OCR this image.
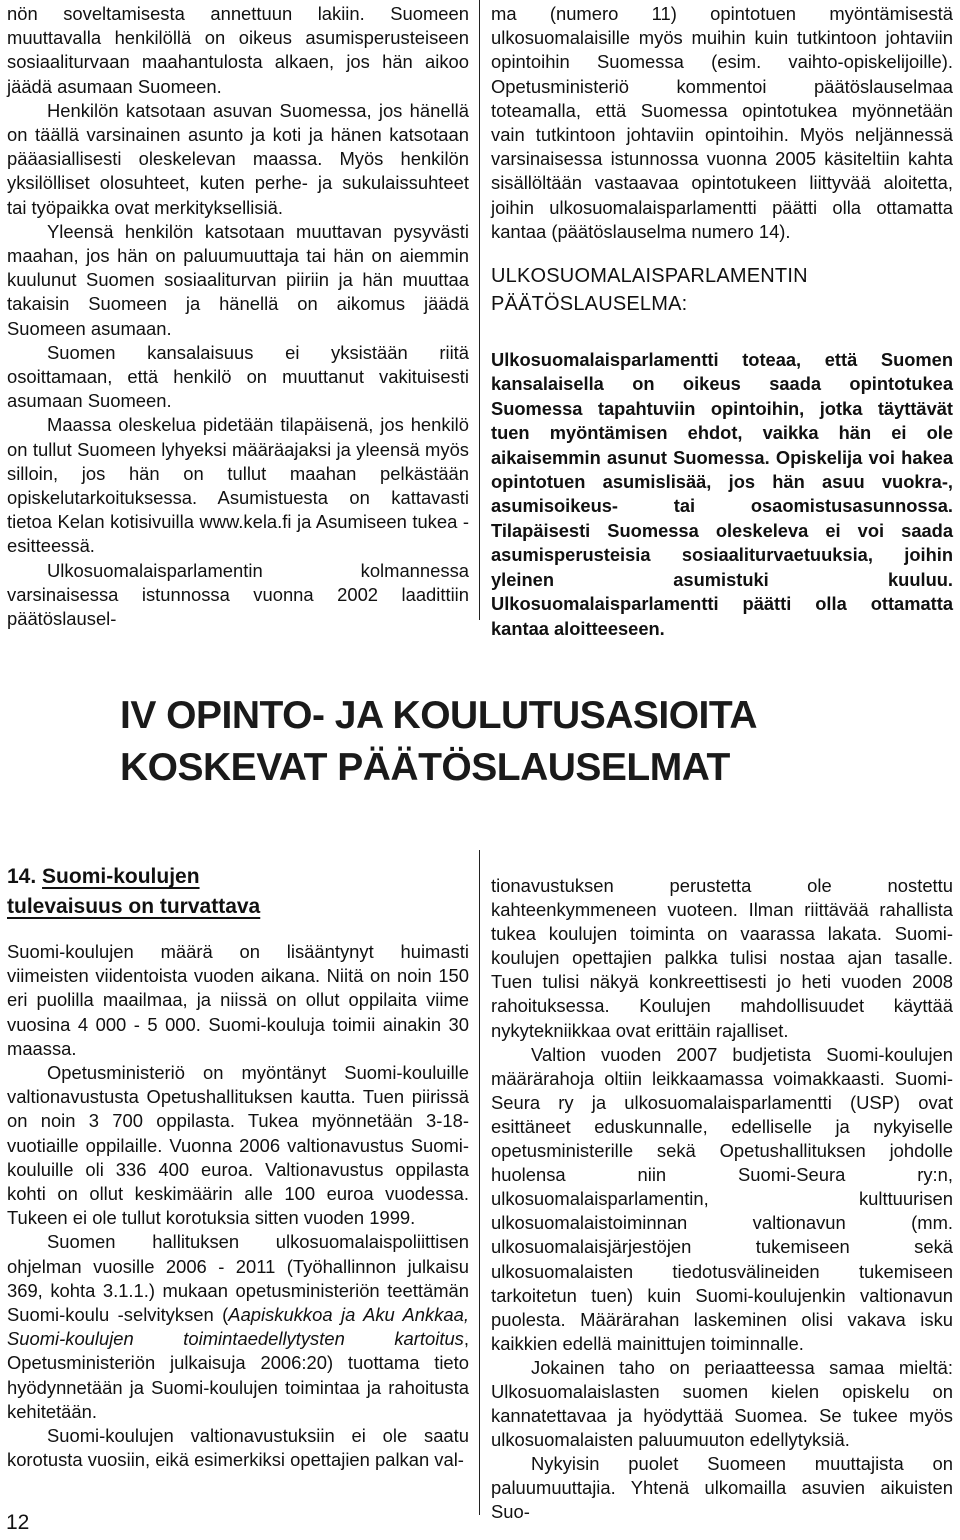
nön soveltamisesta annettuun lakiin. Suomeen muuttavalla henkilöllä on oikeus asumisperusteiseen sosiaaliturvaan maahantulosta alkaen, jos hän aikoo jäädä asumaan Suomeen.

Henkilön katsotaan asuvan Suomessa, jos hänellä on täällä varsinainen asunto ja koti ja hänen katsotaan pääasiallisesti oleskelevan maassa. Myös henkilön yksilölliset olosuhteet, kuten perhe- ja sukulaissuhteet tai työpaikka ovat merkityksellisiä.

Yleensä henkilön katsotaan muuttavan pysyvästi maahan, jos hän on paluumuuttaja tai hän on aiemmin kuulunut Suomen sosiaaliturvan piiriin ja hän muuttaa takaisin Suomeen ja hänellä on aikomus jäädä Suomeen asumaan.

Suomen kansalaisuus ei yksistään riitä osoittamaan, että henkilö on muuttanut vakituisesti asumaan Suomeen.

Maassa oleskelua pidetään tilapäisenä, jos henkilö on tullut Suomeen lyhyeksi määräajaksi ja yleensä myös silloin, jos hän on tullut maahan pelkästään opiskelutarkoituksessa. Asumistuesta on kattavasti tietoa Kelan kotisivuilla www.kela.fi ja Asumiseen tukea -esitteessä.

Ulkosuomalaisparlamentin kolmannessa varsinaisessa istunnossa vuonna 2002 laadittiin päätöslausel-

ma (numero 11) opintotuen myöntämisestä ulkosuomalaisille myös muihin kuin tutkintoon johtaviin opintoihin Suomessa (esim. vaihto-opiskelijoille). Opetusministeriö kommentoi päätöslauselmaa toteamalla, että Suomessa opintotukea myönnetään vain tutkintoon johtaviin opintoihin. Myös neljännessä varsinaisessa istunnossa vuonna 2005 käsiteltiin kahta sisällöltään vastaavaa opintotukeen liittyvää aloitetta, joihin ulkosuomalaisparlamentti päätti olla ottamatta kantaa (päätöslauselma numero 14).

ULKOSUOMALAISPARLAMENTIN
PÄÄTÖSLAUSELMA:

Ulkosuomalaisparlamentti toteaa, että Suomen kansalaisella on oikeus saada opintotukea Suomessa tapahtuviin opintoihin, jotka täyttävät tuen myöntämisen ehdot, vaikka hän ei ole aikaisemmin asunut Suomessa. Opiskelija voi hakea opintotuen asumislisää, jos hän asuu vuokra-, asumisoikeus- tai osaomistusasunnossa. Tilapäisesti Suomessa oleskeleva ei voi saada asumisperusteisia sosiaaliturvaetuuksia, joihin yleinen asumistuki kuuluu. Ulkosuomalaisparlamentti päätti olla ottamatta kantaa aloitteeseen.

IV OPINTO- JA KOULUTUSASIOITA
KOSKEVAT PÄÄTÖSLAUSELMAT
14. Suomi-koulujen
tulevaisuus on turvattava

Suomi-koulujen määrä on lisääntynyt huimasti viimeisten viidentoista vuoden aikana. Niitä on noin 150 eri puolilla maailmaa, ja niissä on ollut oppilaita viime vuosina 4 000 - 5 000. Suomi-kouluja toimii ainakin 30 maassa.

Opetusministeriö on myöntänyt Suomi-kouluille valtionavustusta Opetushallituksen kautta. Tuen piirissä on noin 3 700 oppilasta. Tukea myönnetään 3-18-vuotiaille oppilaille. Vuonna 2006 valtionavustus Suomi-kouluille oli 336 400 euroa. Valtionavustus oppilasta kohti on ollut keskimäärin alle 100 euroa vuodessa. Tukeen ei ole tullut korotuksia sitten vuoden 1999.

Suomen hallituksen ulkosuomalaispoliittisen ohjelman vuosille 2006 - 2011 (Työhallinnon julkaisu 369, kohta 3.1.1.) mukaan opetusministeriön teettämän Suomi-koulu -selvityksen (Aapiskukkoa ja Aku Ankkaa, Suomi-koulujen toimintaedellytysten kartoitus, Opetusministeriön julkaisuja 2006:20) tuottama tieto hyödynnetään ja Suomi-koulujen toimintaa ja rahoitusta kehitetään.

Suomi-koulujen valtionavustuksiin ei ole saatu korotusta vuosiin, eikä esimerkiksi opettajien palkan val-

tionavustuksen perustetta ole nostettu kahteenkymmeneen vuoteen. Ilman riittävää rahallista tukea koulujen toiminta on vaarassa lakata. Suomi-koulujen opettajien palkka tulisi nostaa ajan tasalle. Tuen tulisi näkyä konkreettisesti jo heti vuoden 2008 rahoituksessa. Koulujen mahdollisuudet käyttää nykytekniikkaa ovat erittäin rajalliset.

Valtion vuoden 2007 budjetista Suomi-koulujen määrärahoja oltiin leikkaamassa voimakkaasti. Suomi-Seura ry ja ulkosuomalaisparlamentti (USP) ovat esittäneet eduskunnalle, edelliselle ja nykyiselle opetusministerille sekä Opetushallituksen johdolle huolensa niin Suomi-Seura ry:n, ulkosuomalaisparlamentin, kulttuurisen ulkosuomalaistoiminnan valtionavun (mm. ulkosuomalaisjärjestöjen tukemiseen sekä ulkosuomalaisten tiedotusvälineiden tukemiseen tarkoitetun tuen) kuin Suomi-koulujenkin valtionavun puolesta. Määrärahan laskeminen olisi vakava isku kaikkien edellä mainittujen toiminnalle.

Jokainen taho on periaatteessa samaa mieltä: Ulkosuomalaislasten suomen kielen opiskelu on kannatettavaa ja hyödyttää Suomea. Se tukee myös ulkosuomalaisten paluumuuton edellytyksiä.

Nykyisin puolet Suomeen muuttajista on paluumuuttajia. Yhtenä ulkomailla asuvien aikuisten Suo-

12
